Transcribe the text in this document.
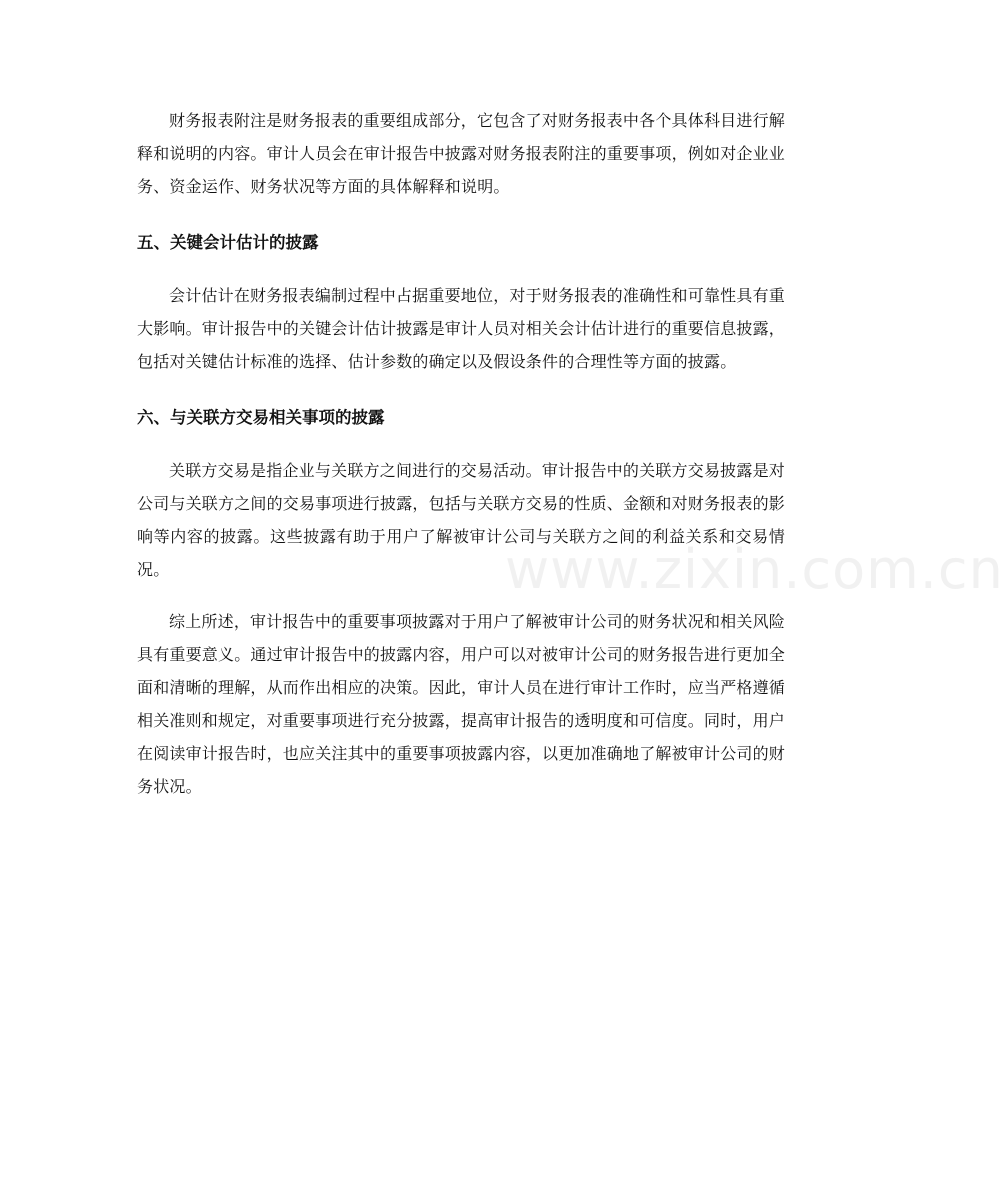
财务报表附注是财务报表的重要组成部分，它包含了对财务报表中各个具体科目进行解释和说明的内容。审计人员会在审计报告中披露对财务报表附注的重要事项，例如对企业业务、资金运作、财务状况等方面的具体解释和说明。

五、关键会计估计的披露

会计估计在财务报表编制过程中占据重要地位，对于财务报表的准确性和可靠性具有重大影响。审计报告中的关键会计估计披露是审计人员对相关会计估计进行的重要信息披露，包括对关键估计标准的选择、估计参数的确定以及假设条件的合理性等方面的披露。

六、与关联方交易相关事项的披露

关联方交易是指企业与关联方之间进行的交易活动。审计报告中的关联方交易披露是对公司与关联方之间的交易事项进行披露，包括与关联方交易的性质、金额和对财务报表的影响等内容的披露。这些披露有助于用户了解被审计公司与关联方之间的利益关系和交易情况。

综上所述，审计报告中的重要事项披露对于用户了解被审计公司的财务状况和相关风险具有重要意义。通过审计报告中的披露内容，用户可以对被审计公司的财务报告进行更加全面和清晰的理解，从而作出相应的决策。因此，审计人员在进行审计工作时，应当严格遵循相关准则和规定，对重要事项进行充分披露，提高审计报告的透明度和可信度。同时，用户在阅读审计报告时，也应关注其中的重要事项披露内容，以更加准确地了解被审计公司的财务状况。

www.zixin.com.cn
